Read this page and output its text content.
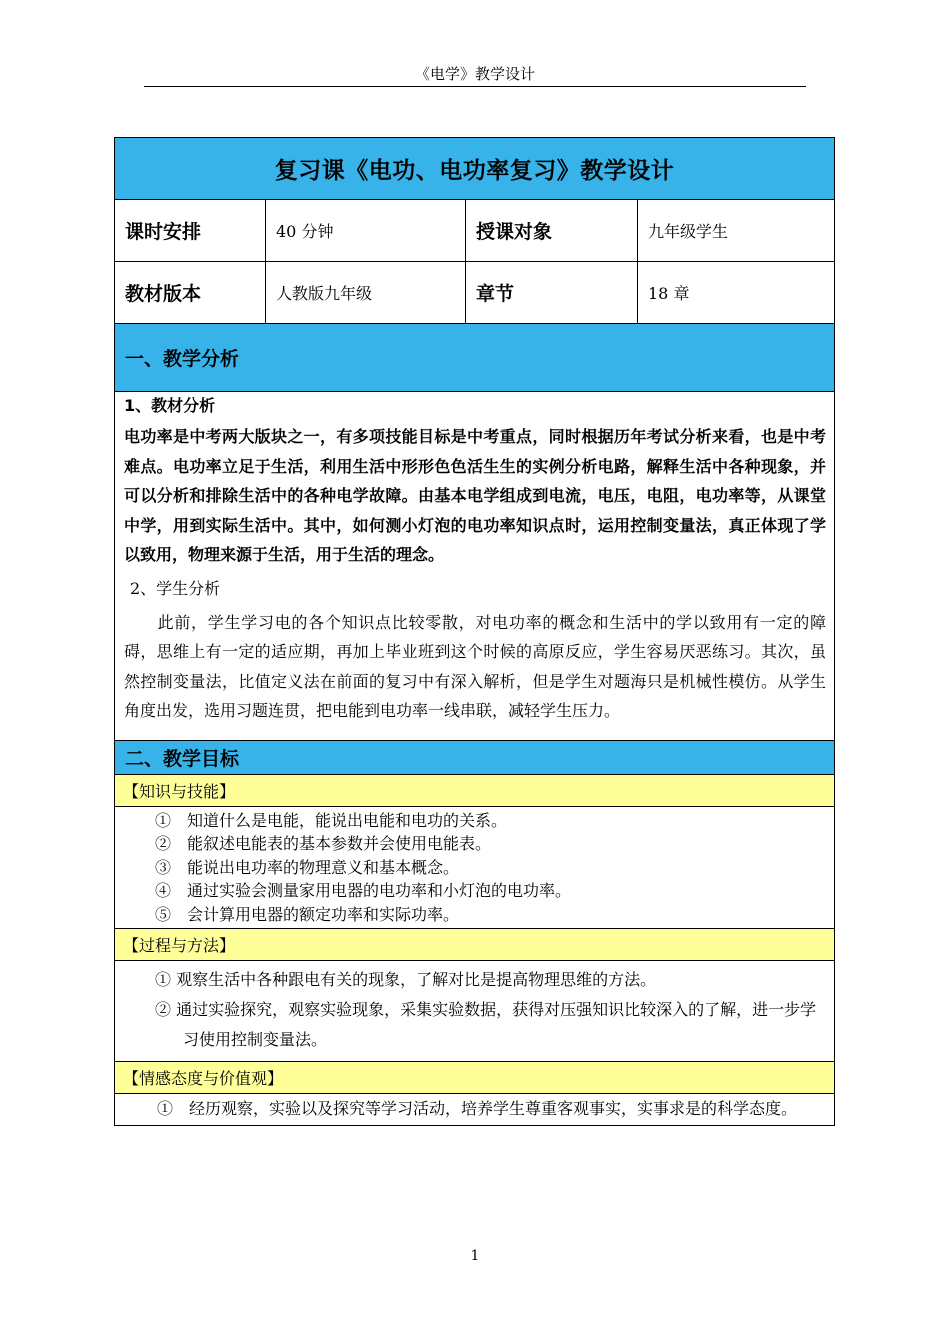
《电学》教学设计
复习课《电功、电功率复习》教学设计
课时安排	40 分钟	授课对象	九年级学生
教材版本	人教版九年级	章节	18 章
一、教学分析
1、教材分析
电功率是中考两大版块之一，有多项技能目标是中考重点，同时根据历年考试分析来看，也是中考难点。电功率立足于生活，利用生活中形形色色活生生的实例分析电路，解释生活中各种现象，并可以分析和排除生活中的各种电学故障。由基本电学组成到电流，电压，电阻，电功率等，从课堂中学，用到实际生活中。其中，如何测小灯泡的电功率知识点时，运用控制变量法，真正体现了学以致用，物理来源于生活，用于生活的理念。
2、学生分析
此前，学生学习电的各个知识点比较零散，对电功率的概念和生活中的学以致用有一定的障碍，思维上有一定的适应期，再加上毕业班到这个时候的高原反应，学生容易厌恶练习。其次，虽然控制变量法，比值定义法在前面的复习中有深入解析，但是学生对题海只是机械性模仿。从学生角度出发，选用习题连贯，把电能到电功率一线串联，减轻学生压力。
二、教学目标
【知识与技能】
①　知道什么是电能，能说出电能和电功的关系。
②　能叙述电能表的基本参数并会使用电能表。
③　能说出电功率的物理意义和基本概念。
④　通过实验会测量家用电器的电功率和小灯泡的电功率。
⑤　会计算用电器的额定功率和实际功率。
【过程与方法】
① 观察生活中各种跟电有关的现象，了解对比是提高物理思维的方法。
② 通过实验探究，观察实验现象，采集实验数据，获得对压强知识比较深入的了解，进一步学习使用控制变量法。
【情感态度与价值观】
①　经历观察，实验以及探究等学习活动，培养学生尊重客观事实，实事求是的科学态度。
1
